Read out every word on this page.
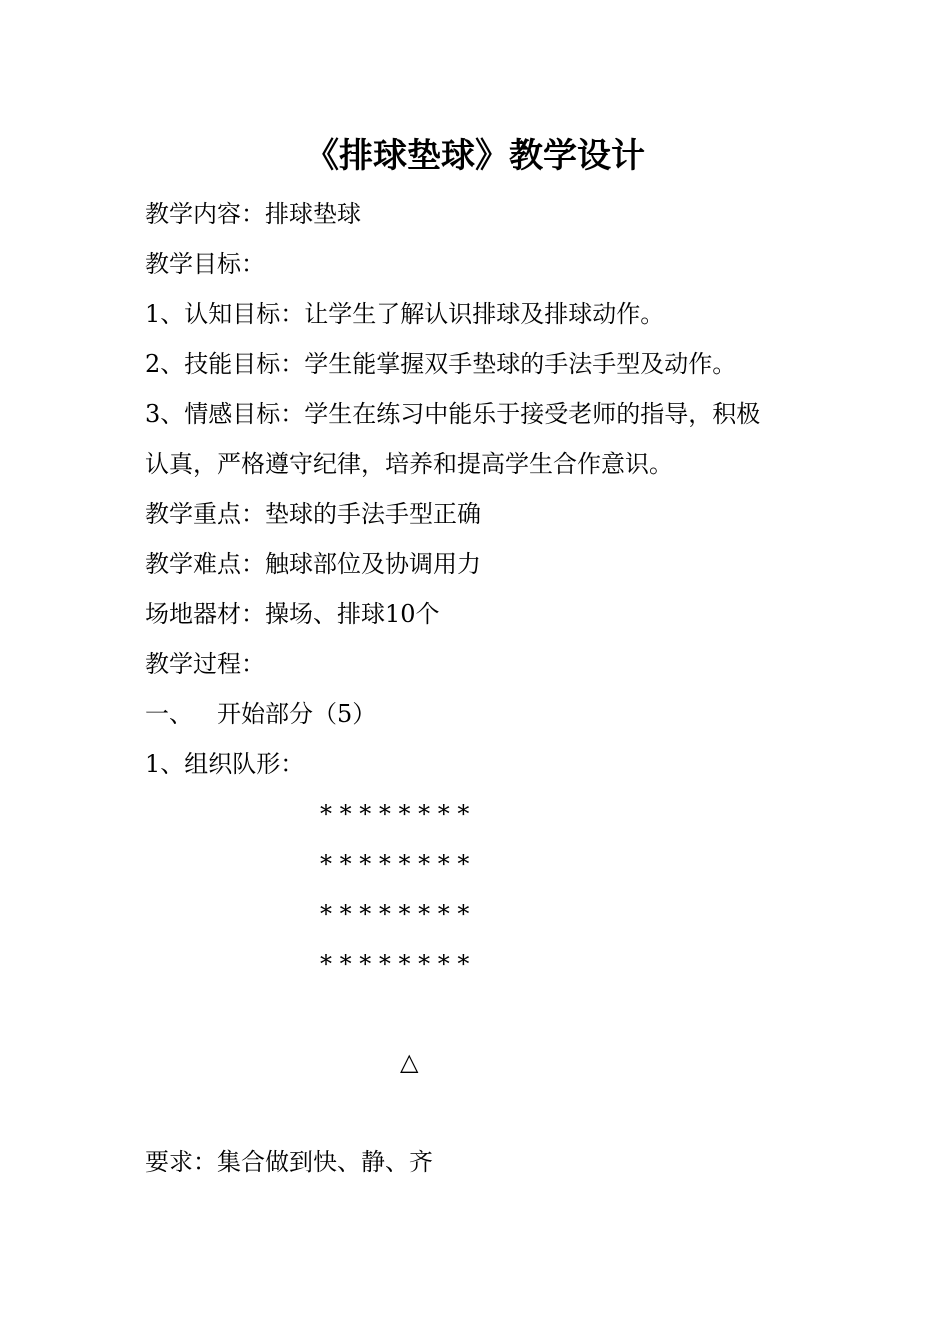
《排球垫球》教学设计
教学内容：排球垫球
教学目标：
1、认知目标：让学生了解认识排球及排球动作。
2、技能目标：学生能掌握双手垫球的手法手型及动作。
3、情感目标：学生在练习中能乐于接受老师的指导，积极
认真，严格遵守纪律，培养和提高学生合作意识。
教学重点：垫球的手法手型正确
教学难点：触球部位及协调用力
场地器材：操场、排球10个
教学过程：
一、 开始部分（5）
1、组织队形：
* * * * * * * *
* * * * * * * *
* * * * * * * *
* * * * * * * *
△
要求：集合做到快、静、齐
